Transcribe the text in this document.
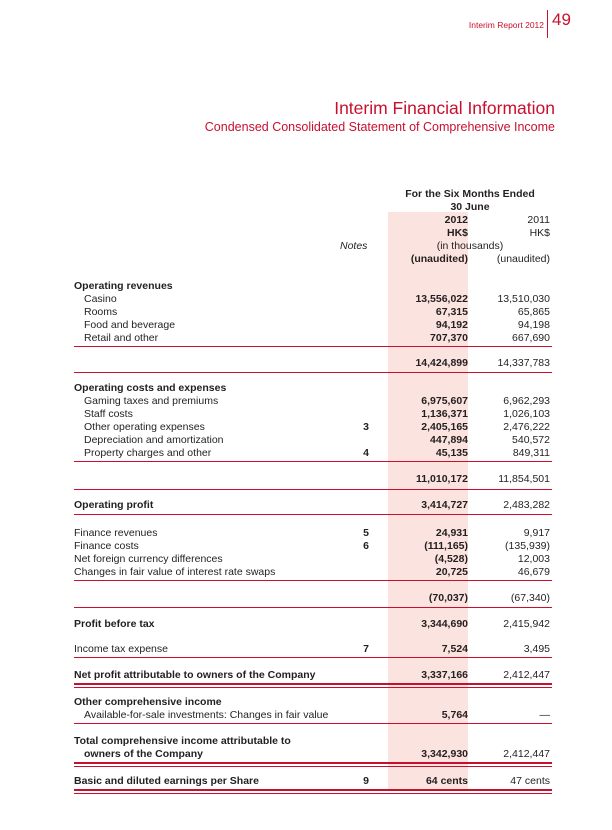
Interim Report 2012 49
Interim Financial Information
Condensed Consolidated Statement of Comprehensive Income
For the Six Months Ended
30 June
2012	2011
HK$	HK$
Notes	(in thousands)
(unaudited)	(unaudited)
Operating revenues
Casino	13,556,022	13,510,030
Rooms	67,315	65,865
Food and beverage	94,192	94,198
Retail and other	707,370	667,690
14,424,899	14,337,783
Operating costs and expenses
Gaming taxes and premiums	6,975,607	6,962,293
Staff costs	1,136,371	1,026,103
Other operating expenses	3	2,405,165	2,476,222
Depreciation and amortization	447,894	540,572
Property charges and other	4	45,135	849,311
11,010,172	11,854,501
Operating profit	3,414,727	2,483,282
Finance revenues	5	24,931	9,917
Finance costs	6	(111,165)	(135,939)
Net foreign currency differences	(4,528)	12,003
Changes in fair value of interest rate swaps	20,725	46,679
(70,037)	(67,340)
Profit before tax	3,344,690	2,415,942
Income tax expense	7	7,524	3,495
Net profit attributable to owners of the Company	3,337,166	2,412,447
Other comprehensive income
Available-for-sale investments: Changes in fair value	5,764	—
Total comprehensive income attributable to
owners of the Company	3,342,930	2,412,447
Basic and diluted earnings per Share	9	64 cents	47 cents
